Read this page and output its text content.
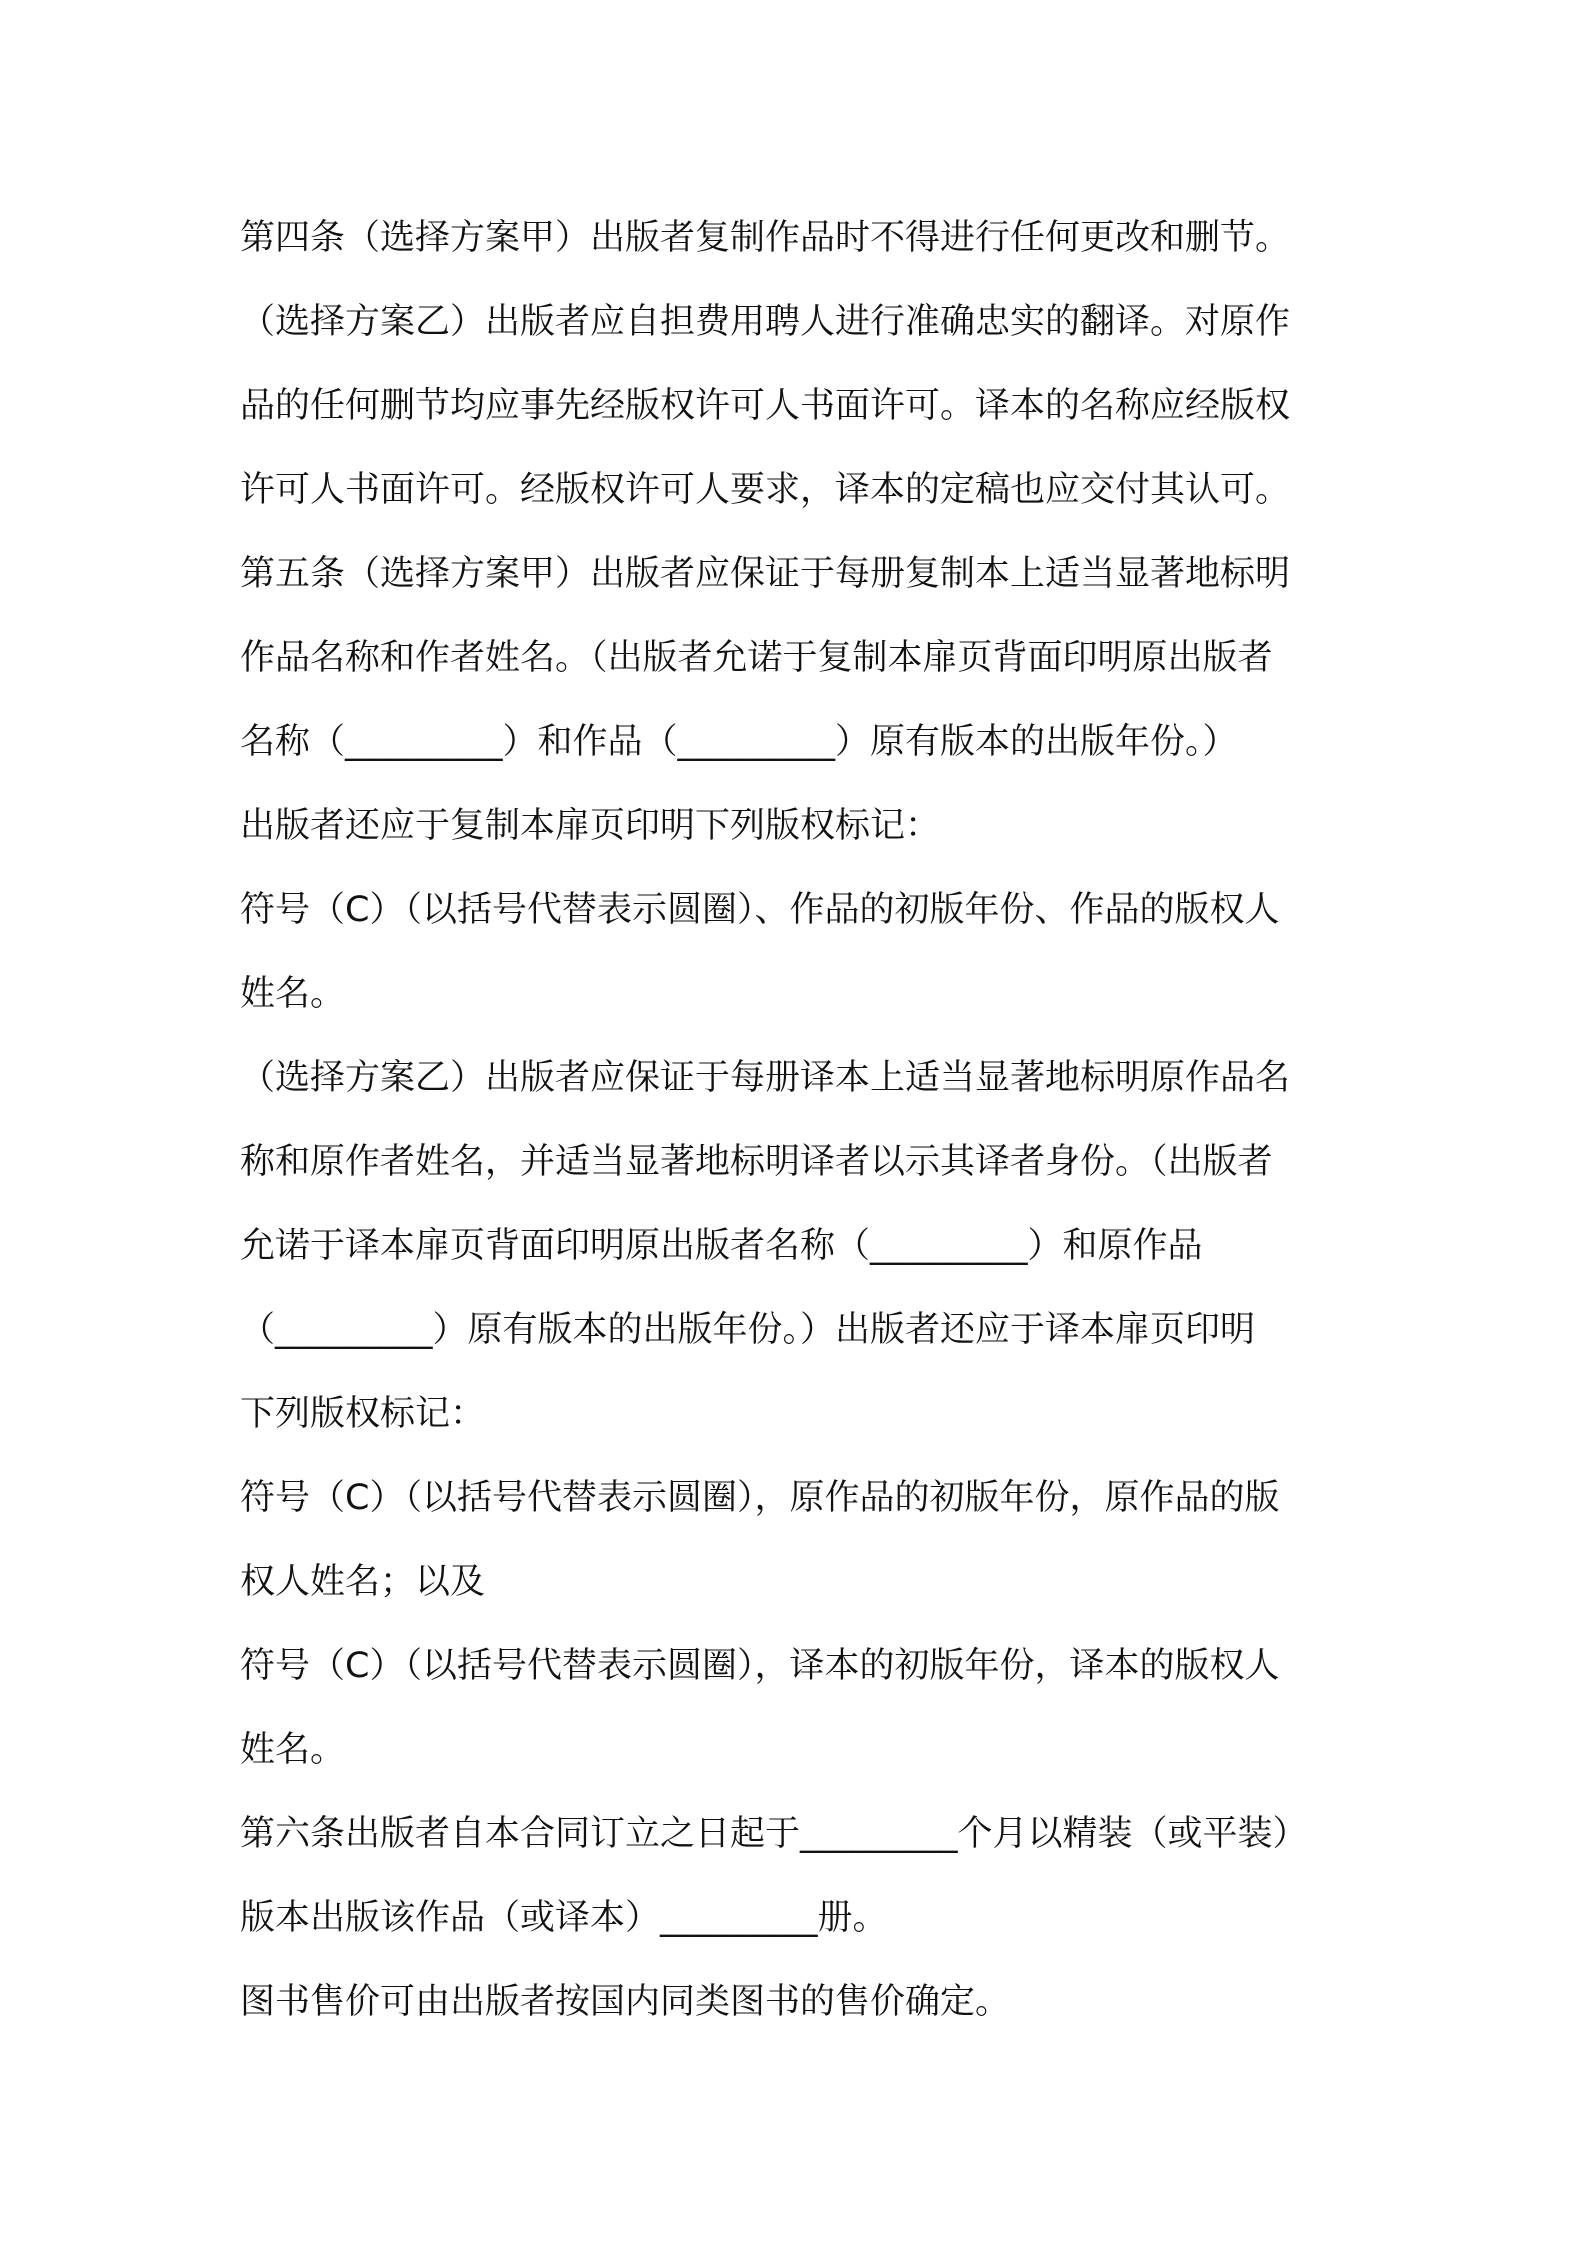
第四条（选择方案甲）出版者复制作品时不得进行任何更改和删节。
（选择方案乙）出版者应自担费用聘人进行准确忠实的翻译。对原作
品的任何删节均应事先经版权许可人书面许可。译本的名称应经版权
许可人书面许可。经版权许可人要求，译本的定稿也应交付其认可。
第五条（选择方案甲）出版者应保证于每册复制本上适当显著地标明
作品名称和作者姓名。（出版者允诺于复制本扉页背面印明原出版者
名称（_________）和作品（_________）原有版本的出版年份。）
出版者还应于复制本扉页印明下列版权标记：
符号（C）（以括号代替表示圆圈）、作品的初版年份、作品的版权人
姓名。
（选择方案乙）出版者应保证于每册译本上适当显著地标明原作品名
称和原作者姓名，并适当显著地标明译者以示其译者身份。（出版者
允诺于译本扉页背面印明原出版者名称（_________）和原作品
（_________）原有版本的出版年份。）出版者还应于译本扉页印明
下列版权标记：
符号（C）（以括号代替表示圆圈），原作品的初版年份，原作品的版
权人姓名；以及
符号（C）（以括号代替表示圆圈），译本的初版年份，译本的版权人
姓名。
第六条出版者自本合同订立之日起于_________个月以精装（或平装）
版本出版该作品（或译本）_________册。
图书售价可由出版者按国内同类图书的售价确定。
